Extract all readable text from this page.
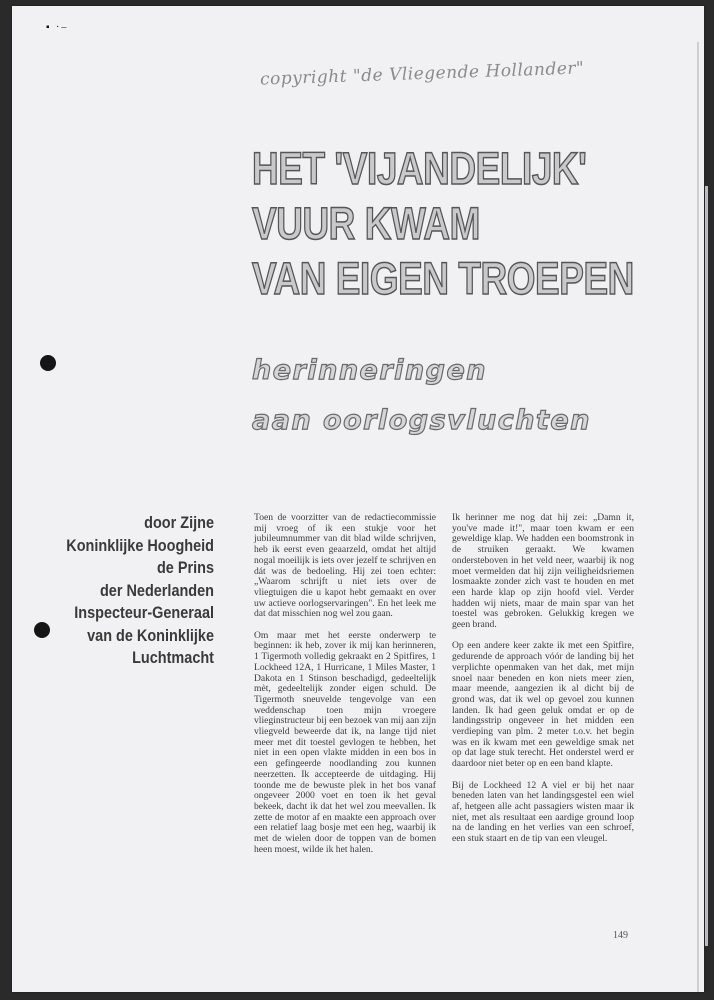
▪ ·–
copyright "de Vliegende Hollander"
HET 'VIJANDELIJK'
VUUR KWAM
VAN EIGEN TROEPEN
herinneringen
aan oorlogsvluchten
door Zijne
Koninklijke Hoogheid
de Prins
der Nederlanden
Inspecteur-Generaal
van de Koninklijke
Luchtmacht

Toen de voorzitter van de redactiecommissie mij vroeg of ik een stukje voor het jubileumnummer van dit blad wilde schrijven, heb ik eerst even geaarzeld, omdat het altijd nogal moeilijk is iets over jezelf te schrijven en dát was de bedoeling. Hij zei toen echter: „Waarom schrijft u niet iets over de vliegtuigen die u kapot hebt gemaakt en over uw actieve oorlogservaringen". En het leek me dat dat misschien nog wel zou gaan.

Om maar met het eerste onderwerp te beginnen: ik heb, zover ik mij kan herinneren, 1 Tigermoth volledig gekraakt en 2 Spitfires, 1 Lockheed 12A, 1 Hurricane, 1 Miles Master, 1 Dakota en 1 Stinson beschadigd, gedeeltelijk mèt, gedeeltelijk zonder eigen schuld. De Tigermoth sneuvelde tengevolge van een weddenschap toen mijn vroegere vlieginstructeur bij een bezoek van mij aan zijn vliegveld beweerde dat ik, na lange tijd niet meer met dit toestel gevlogen te hebben, het niet in een open vlakte midden in een bos in een gefingeerde noodlanding zou kunnen neerzetten. Ik accepteerde de uitdaging. Hij toonde me de bewuste plek in het bos vanaf ongeveer 2000 voet en toen ik het geval bekeek, dacht ik dat het wel zou meevallen. Ik zette de motor af en maakte een approach over een relatief laag bosje met een heg, waarbij ik met de wielen door de toppen van de bomen heen moest, wilde ik het halen.

Ik herinner me nog dat hij zei: „Damn it, you've made it!", maar toen kwam er een geweldige klap. We hadden een boomstronk in de struiken geraakt. We kwamen ondersteboven in het veld neer, waarbij ik nog moet vermelden dat hij zijn veiligheidsriemen losmaakte zonder zich vast te houden en met een harde klap op zijn hoofd viel. Verder hadden wij niets, maar de main spar van het toestel was gebroken. Gelukkig kregen we geen brand.

Op een andere keer zakte ik met een Spitfire, gedurende de approach vóór de landing bij het verplichte openmaken van het dak, met mijn snoel naar beneden en kon niets meer zien, maar meende, aangezien ik al dicht bij de grond was, dat ik wel op gevoel zou kunnen landen. Ik had geen geluk omdat er op de landingsstrip ongeveer in het midden een verdieping van plm. 2 meter t.o.v. het begin was en ik kwam met een geweldige smak net op dat lage stuk terecht. Het onderstel werd er daardoor niet beter op en een band klapte.

Bij de Lockheed 12 A viel er bij het naar beneden laten van het landingsgestel een wiel af, hetgeen alle acht passagiers wisten maar ik niet, met als resultaat een aardige ground loop na de landing en het verlies van een schroef, een stuk staart en de tip van een vleugel.

149
